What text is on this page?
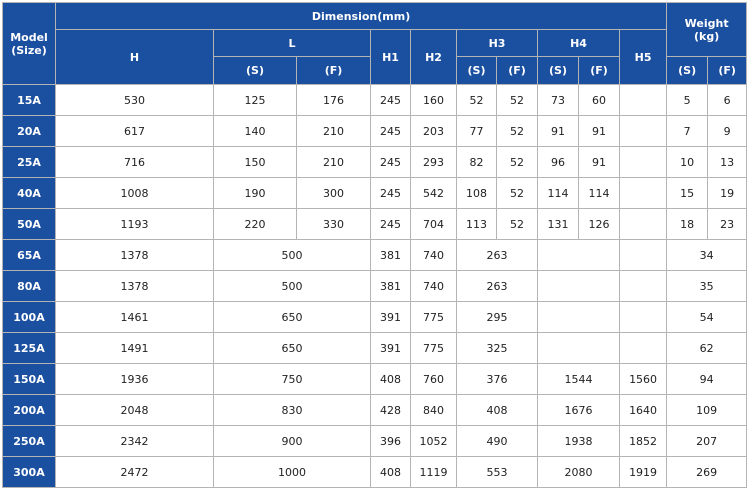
Model
(Size)	Dimension(mm)										Weight
(kg)	

	H	L		H1	H2	H3		H4		H5		
		(S)	(F)			(S)	(F)	(S)	(F)		(S)	(F)
15A	530	125	176	245	160	52	52	73	60		5	6
20A	617	140	210	245	203	77	52	91	91		7	9
25A	716	150	210	245	293	82	52	96	91		10	13
40A	1008	190	300	245	542	108	52	114	114		15	19
50A	1193	220	330	245	704	113	52	131	126		18	23
65A	1378	500		381	740	263					34	
80A	1378	500		381	740	263					35	
100A	1461	650		391	775	295					54	
125A	1491	650		391	775	325					62	
150A	1936	750		408	760	376		1544		1560	94	
200A	2048	830		428	840	408		1676		1640	109	
250A	2342	900		396	1052	490		1938		1852	207	
300A	2472	1000		408	1119	553		2080		1919	269	
